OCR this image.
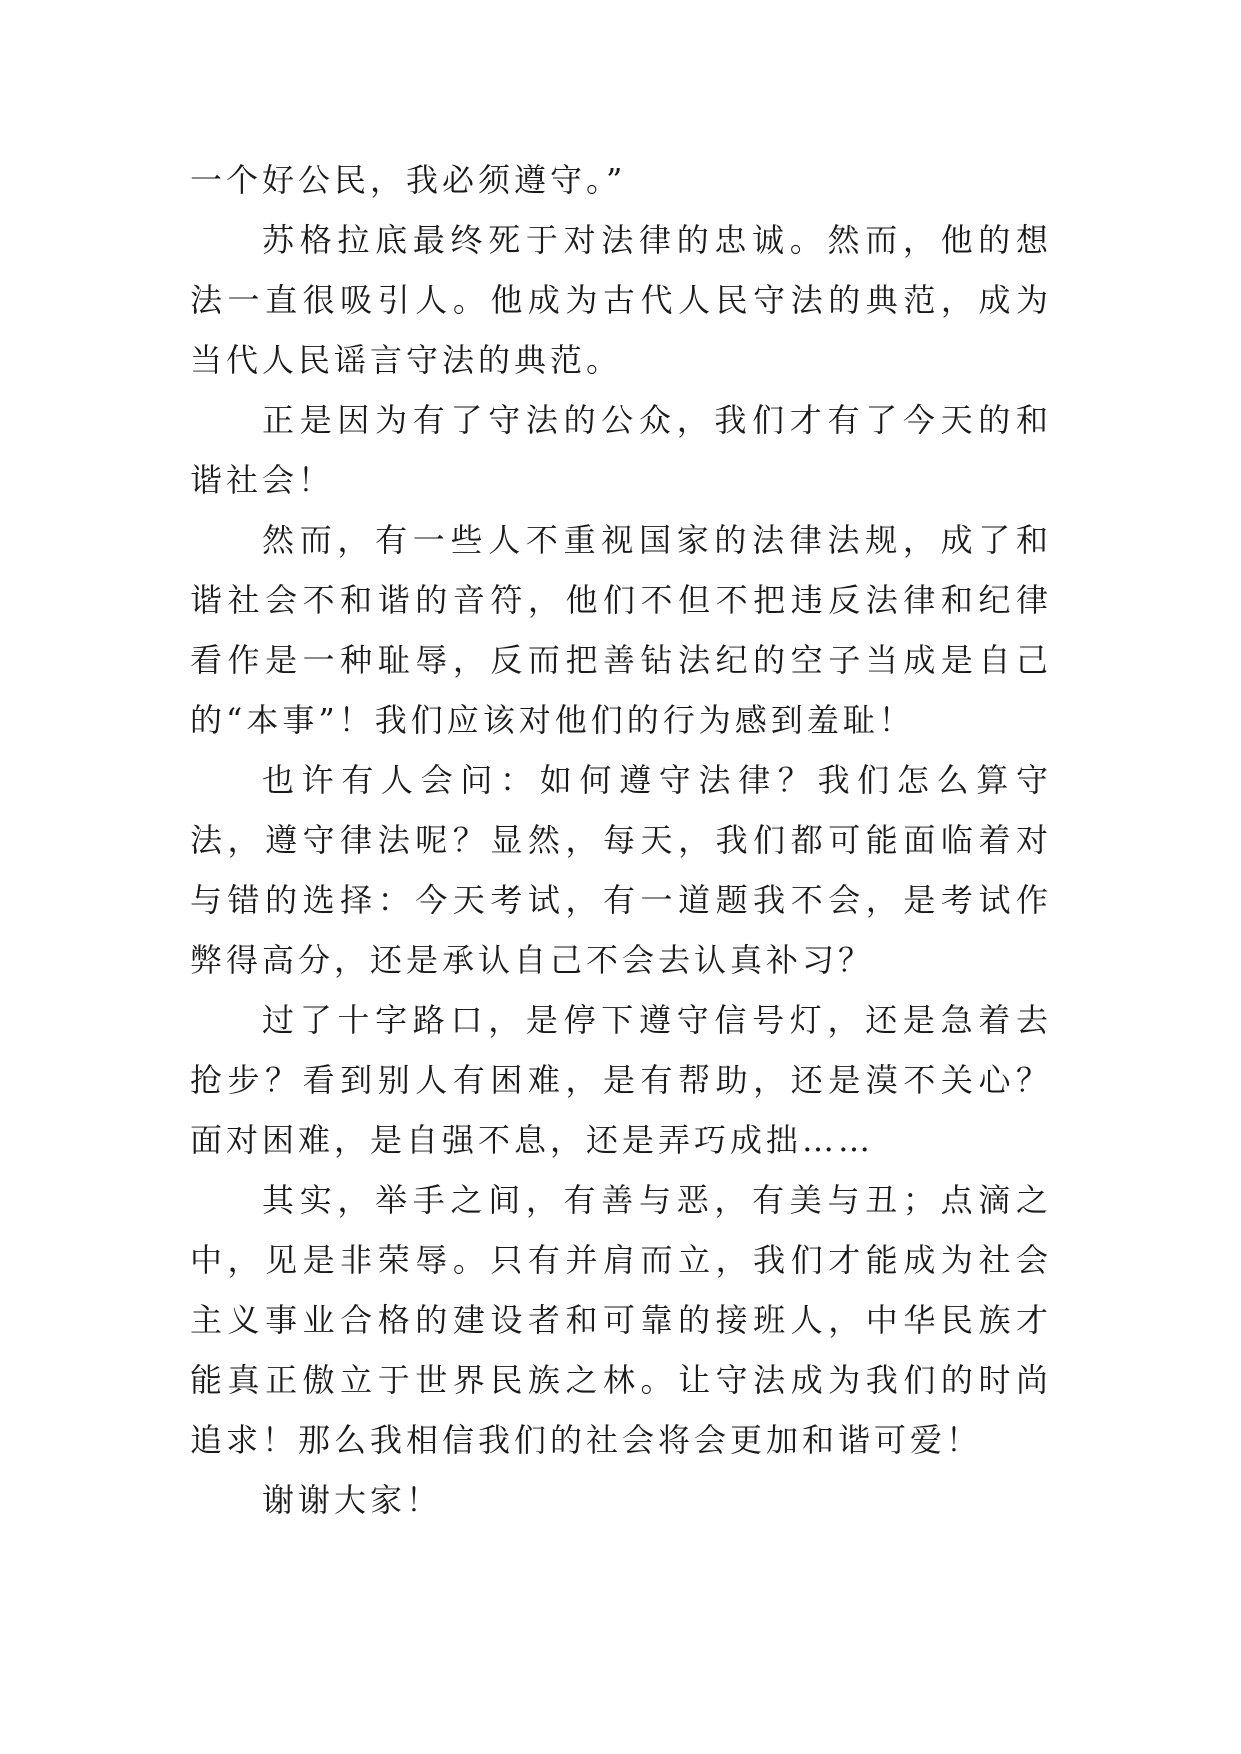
一个好公民，我必须遵守。”

苏格拉底最终死于对法律的忠诚。然而，他的想法一直很吸引人。他成为古代人民守法的典范，成为当代人民谣言守法的典范。

正是因为有了守法的公众，我们才有了今天的和谐社会！

然而，有一些人不重视国家的法律法规，成了和谐社会不和谐的音符，他们不但不把违反法律和纪律看作是一种耻辱，反而把善钻法纪的空子当成是自己的“本事”！我们应该对他们的行为感到羞耻！

也许有人会问：如何遵守法律？我们怎么算守法，遵守律法呢？显然，每天，我们都可能面临着对与错的选择：今天考试，有一道题我不会，是考试作弊得高分，还是承认自己不会去认真补习？

过了十字路口，是停下遵守信号灯，还是急着去抢步？看到别人有困难，是有帮助，还是漠不关心？面对困难，是自强不息，还是弄巧成拙……

其实，举手之间，有善与恶，有美与丑；点滴之中，见是非荣辱。只有并肩而立，我们才能成为社会主义事业合格的建设者和可靠的接班人，中华民族才能真正傲立于世界民族之林。让守法成为我们的时尚追求！那么我相信我们的社会将会更加和谐可爱！

谢谢大家！
